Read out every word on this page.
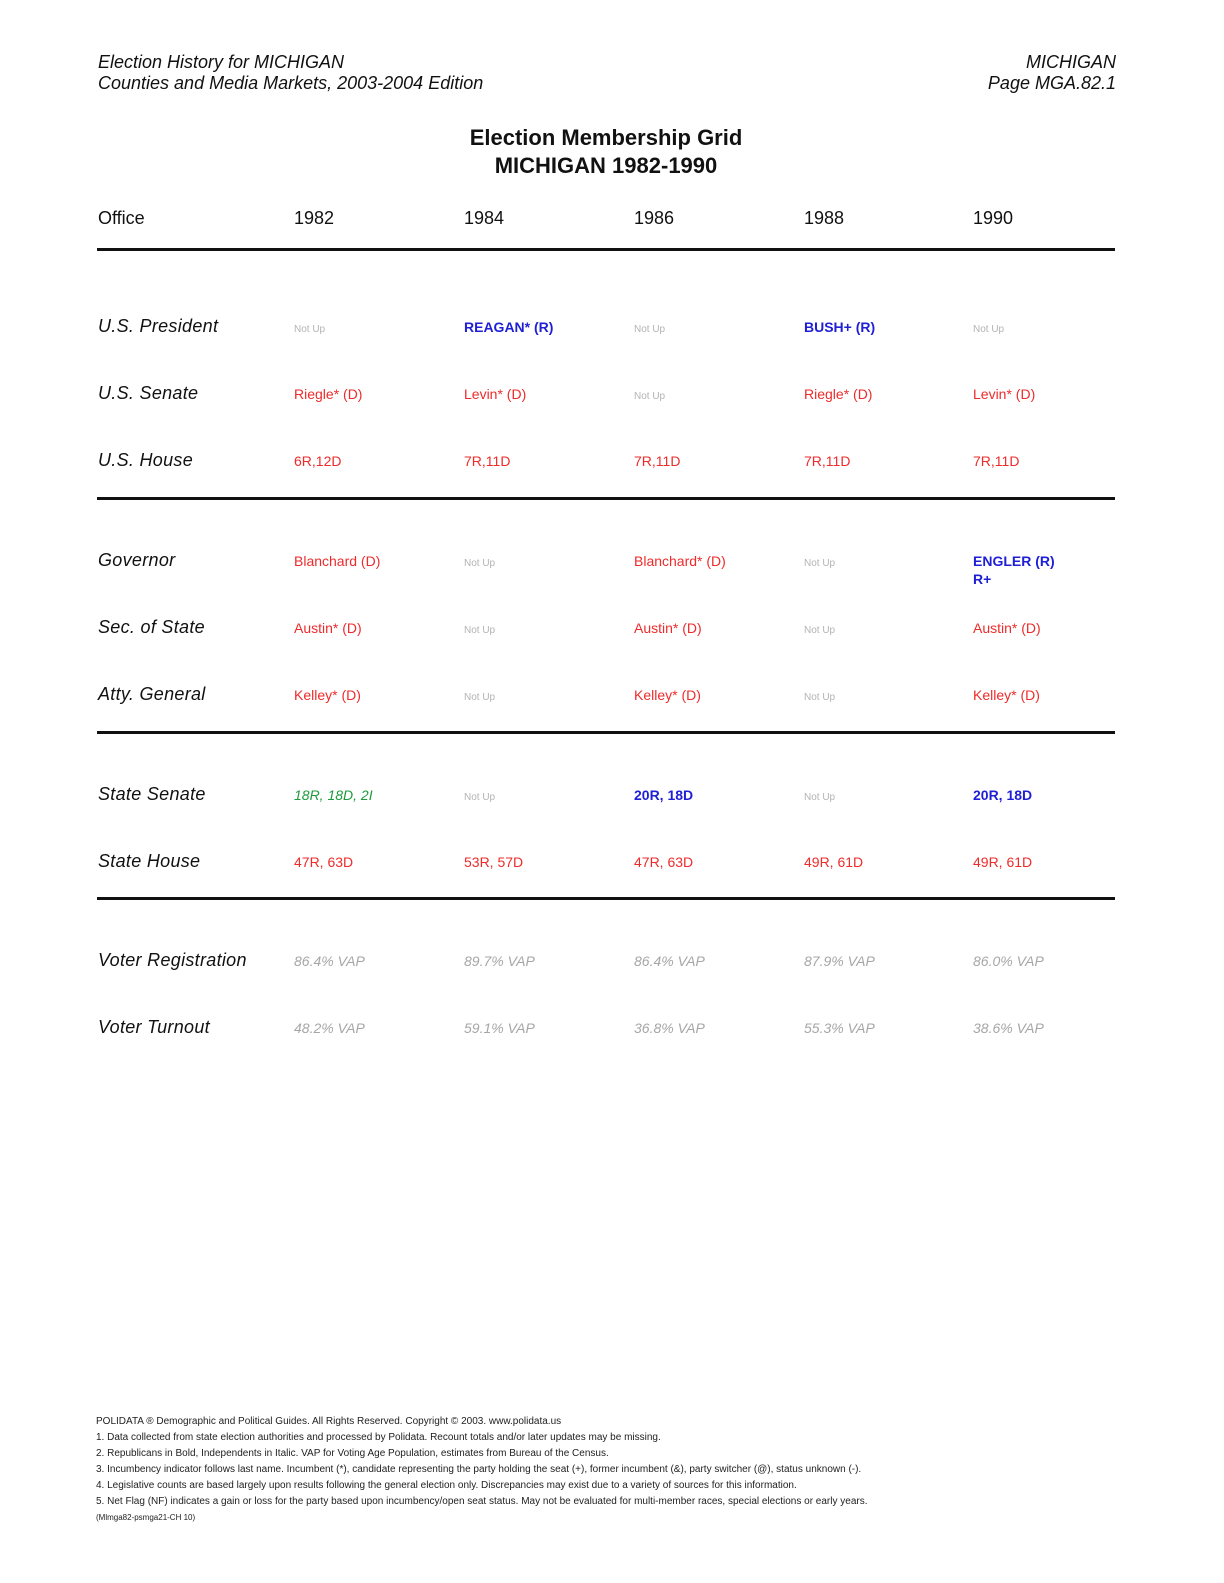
Election History for MICHIGAN
Counties and Media Markets, 2003-2004 Edition
MICHIGAN
Page MGA.82.1
Election Membership Grid
MICHIGAN 1982-1990
Office	1982	1984	1986	1988	1990
U.S. President	Not Up	REAGAN* (R)	Not Up	BUSH+ (R)	Not Up
U.S. Senate	Riegle* (D)	Levin* (D)	Not Up	Riegle* (D)	Levin* (D)
U.S. House	6R,12D	7R,11D	7R,11D	7R,11D	7R,11D
Governor	Blanchard (D)	Not Up	Blanchard* (D)	Not Up	ENGLER (R)
R+
Sec. of State	Austin* (D)	Not Up	Austin* (D)	Not Up	Austin* (D)
Atty. General	Kelley* (D)	Not Up	Kelley* (D)	Not Up	Kelley* (D)
State Senate	18R, 18D, 2I	Not Up	20R, 18D	Not Up	20R, 18D
State House	47R, 63D	53R, 57D	47R, 63D	49R, 61D	49R, 61D
Voter Registration	86.4% VAP	89.7% VAP	86.4% VAP	87.9% VAP	86.0% VAP
Voter Turnout	48.2% VAP	59.1% VAP	36.8% VAP	55.3% VAP	38.6% VAP
POLIDATA ® Demographic and Political Guides. All Rights Reserved. Copyright © 2003. www.polidata.us
1. Data collected from state election authorities and processed by Polidata. Recount totals and/or later updates may be missing.
2. Republicans in Bold, Independents in Italic. VAP for Voting Age Population, estimates from Bureau of the Census.
3. Incumbency indicator follows last name. Incumbent (*), candidate representing the party holding the seat (+), former incumbent (&), party switcher (@), status unknown (-).
4. Legislative counts are based largely upon results following the general election only. Discrepancies may exist due to a variety of sources for this information.
5. Net Flag (NF) indicates a gain or loss for the party based upon incumbency/open seat status. May not be evaluated for multi-member races, special elections or early years.
(Mlmga82-psmga21-CH 10)
